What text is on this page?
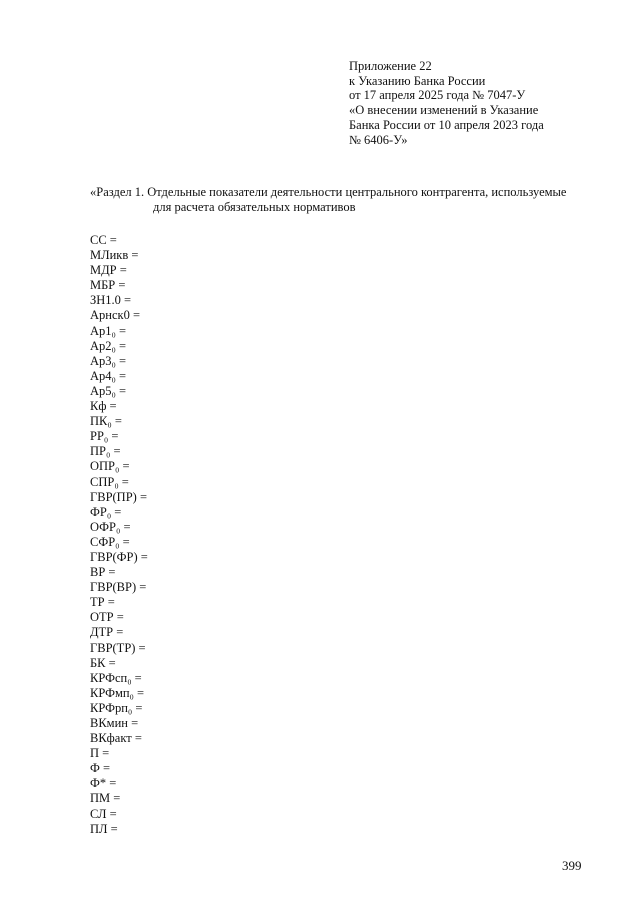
Приложение 22
к Указанию Банка России
от 17 апреля 2025 года № 7047-У
«О внесении изменений в Указание
Банка России от 10 апреля 2023 года
№ 6406-У»
«Раздел 1. Отдельные показатели деятельности центрального контрагента, используемые
для расчета обязательных нормативов
СС =
МЛикв =
МДР =
МБР =
ЗН1.0 =
Арнск0 =
Ар1₀ =
Ар2₀ =
Ар3₀ =
Ар4₀ =
Ар5₀ =
Кф =
ПК₀ =
РР₀ =
ПР₀ =
ОПР₀ =
СПР₀ =
ГВР(ПР) =
ФР₀ =
ОФР₀ =
СФР₀ =
ГВР(ФР) =
ВР =
ГВР(ВР) =
ТР =
ОТР =
ДТР =
ГВР(ТР) =
БК =
КРФсп₀ =
КРФмп₀ =
КРФрп₀ =
ВКмин =
ВКфакт =
П =
Ф =
Ф* =
ПМ =
СЛ =
ПЛ =
399
